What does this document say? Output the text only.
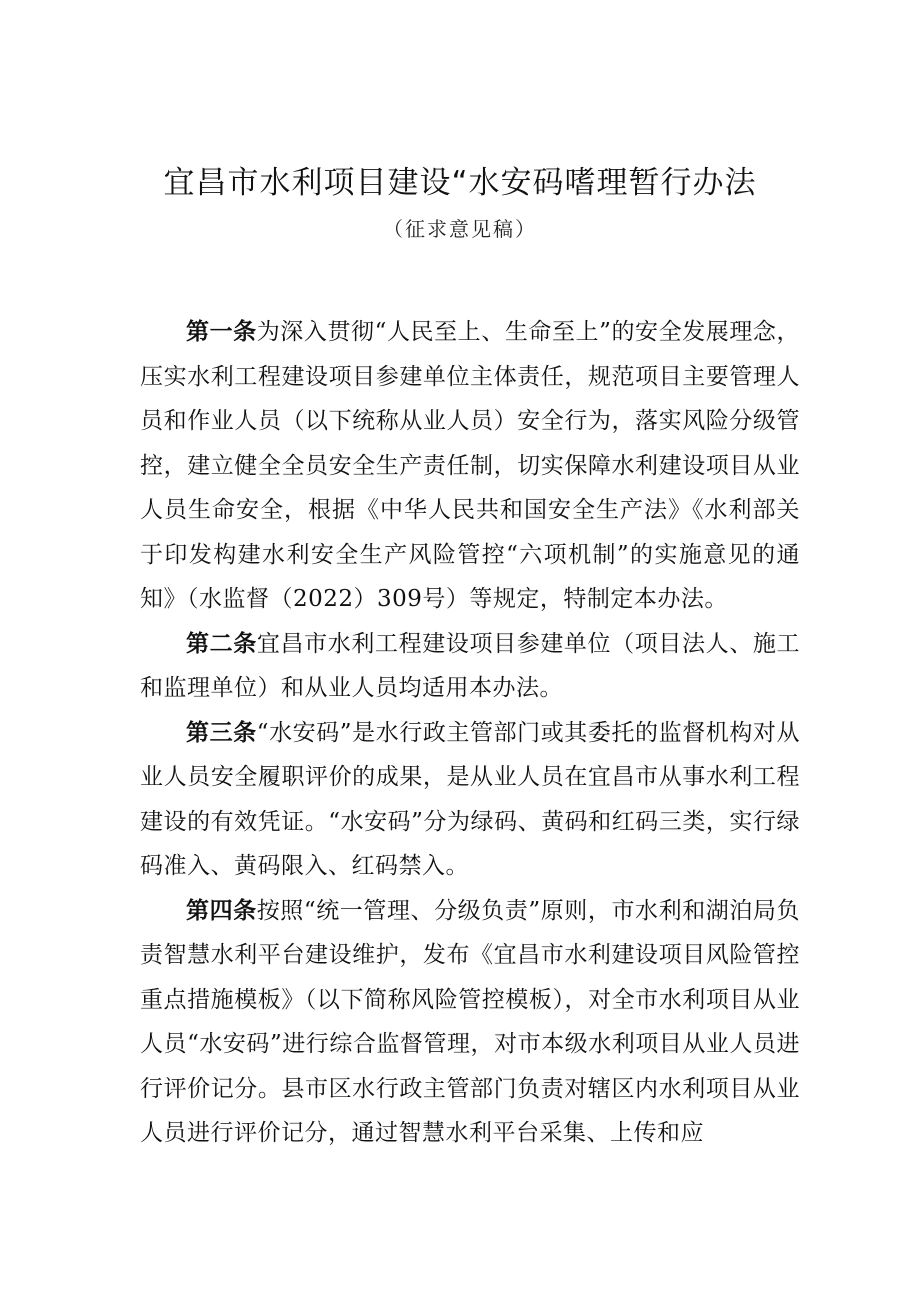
宜昌市水利项目建设“水安码嗜理暂行办法
（征求意见稿）

第一条为深入贯彻“人民至上、生命至上”的安全发展理念，压实水利工程建设项目参建单位主体责任，规范项目主要管理人员和作业人员（以下统称从业人员）安全行为，落实风险分级管控，建立健全全员安全生产责任制，切实保障水利建设项目从业人员生命安全，根据《中华人民共和国安全生产法》《水利部关于印发构建水利安全生产风险管控“六项机制”的实施意见的通知》（水监督（2022）309号）等规定，特制定本办法。

第二条宜昌市水利工程建设项目参建单位（项目法人、施工和监理单位）和从业人员均适用本办法。

第三条“水安码”是水行政主管部门或其委托的监督机构对从业人员安全履职评价的成果，是从业人员在宜昌市从事水利工程建设的有效凭证。“水安码”分为绿码、黄码和红码三类，实行绿码准入、黄码限入、红码禁入。

第四条按照“统一管理、分级负责”原则，市水利和湖泊局负责智慧水利平台建设维护，发布《宜昌市水利建设项目风险管控重点措施模板》（以下简称风险管控模板），对全市水利项目从业人员“水安码”进行综合监督管理，对市本级水利项目从业人员进行评价记分。县市区水行政主管部门负责对辖区内水利项目从业人员进行评价记分，通过智慧水利平台采集、上传和应
